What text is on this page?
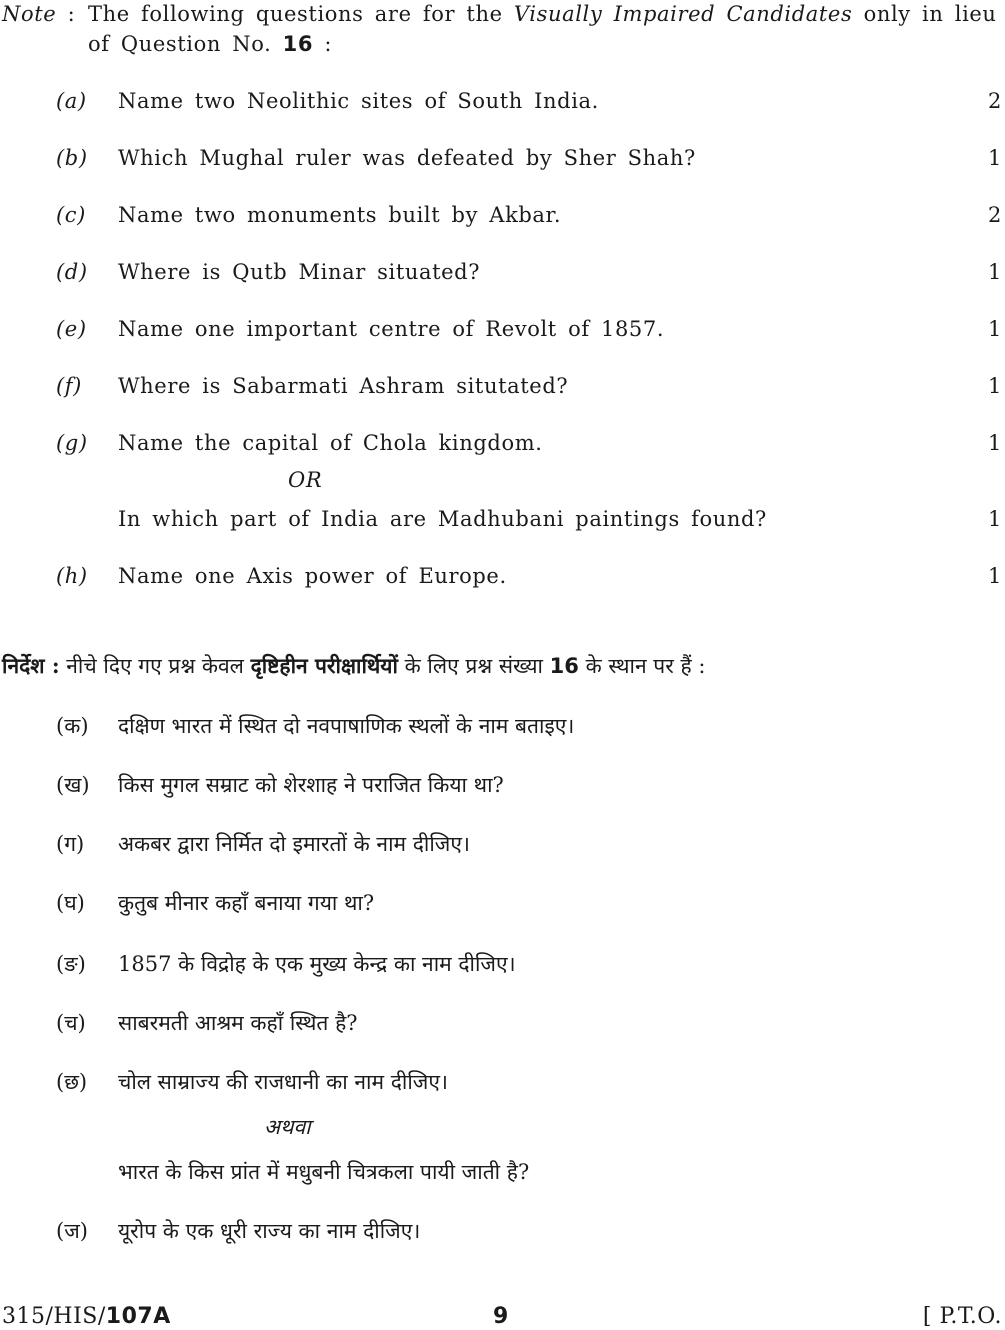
Note : The following questions are for the Visually Impaired Candidates only in lieu
of Question No. 16 :
(a) Name two Neolithic sites of South India.	2
(b) Which Mughal ruler was defeated by Sher Shah?	1
(c) Name two monuments built by Akbar.	2
(d) Where is Qutb Minar situated?	1
(e) Name one important centre of Revolt of 1857.	1
(f) Where is Sabarmati Ashram situtated?	1
(g) Name the capital of Chola kingdom.	1
OR
In which part of India are Madhubani paintings found?	1
(h) Name one Axis power of Europe.	1
निर्देश : नीचे दिए गए प्रश्न केवल दृष्टिहीन परीक्षार्थियों के लिए प्रश्न संख्या 16 के स्थान पर हैं :
(क) दक्षिण भारत में स्थित दो नवपाषाणिक स्थलों के नाम बताइए।
(ख) किस मुगल सम्राट को शेरशाह ने पराजित किया था?
(ग) अकबर द्वारा निर्मित दो इमारतों के नाम दीजिए।
(घ) कुतुब मीनार कहाँ बनाया गया था?
(ङ) 1857 के विद्रोह के एक मुख्य केन्द्र का नाम दीजिए।
(च) साबरमती आश्रम कहाँ स्थित है?
(छ) चोल साम्राज्य की राजधानी का नाम दीजिए।
अथवा
भारत के किस प्रांत में मधुबनी चित्रकला पायी जाती है?
(ज) यूरोप के एक धूरी राज्य का नाम दीजिए।
315/HIS/107A	9	[ P.T.O.
